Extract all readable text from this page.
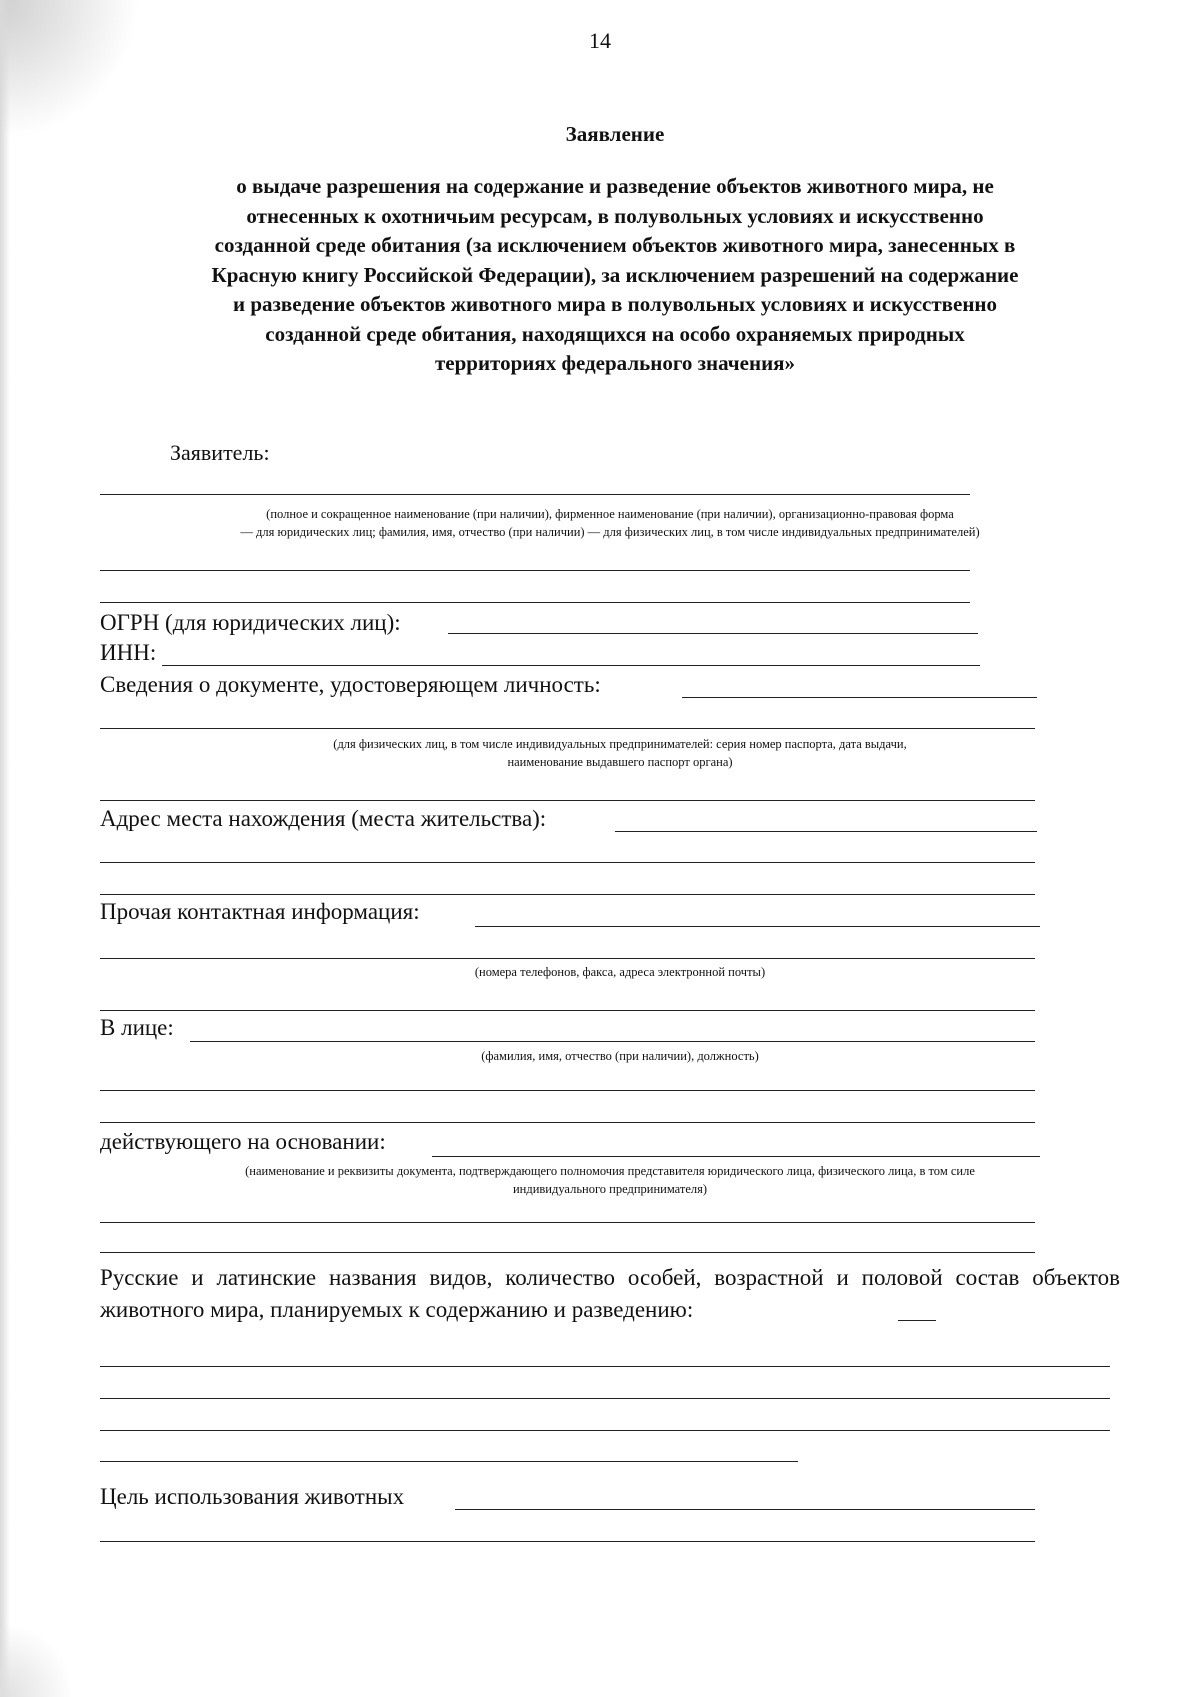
14
Заявление
о выдаче разрешения на содержание и разведение объектов животного мира, не
отнесенных к охотничьим ресурсам, в полувольных условиях и искусственно
созданной среде обитания (за исключением объектов животного мира, занесенных в
Красную книгу Российской Федерации), за исключением разрешений на содержание
и разведение объектов животного мира в полувольных условиях и искусственно
созданной среде обитания, находящихся на особо охраняемых природных
территориях федерального значения»
Заявитель:
(полное и сокращенное наименование (при наличии), фирменное наименование (при наличии), организационно-правовая форма
— для юридических лиц; фамилия, имя, отчество (при наличии) — для физических лиц, в том числе индивидуальных предпринимателей)
ОГРН (для юридических лиц):
ИНН:
Сведения о документе, удостоверяющем личность:
(для физических лиц, в том числе индивидуальных предпринимателей: серия номер паспорта, дата выдачи,
наименование выдавшего паспорт органа)
Адрес места нахождения (места жительства):
Прочая контактная информация:
(номера телефонов, факса, адреса электронной почты)
В лице:
(фамилия, имя, отчество (при наличии), должность)
действующего на основании:
(наименование и реквизиты документа, подтверждающего полномочия представителя юридического лица, физического лица, в том силе
индивидуального предпринимателя)
Русские и латинские названия видов, количество особей, возрастной и половой состав объектов животного мира, планируемых к содержанию и разведению:
Цель использования животных
